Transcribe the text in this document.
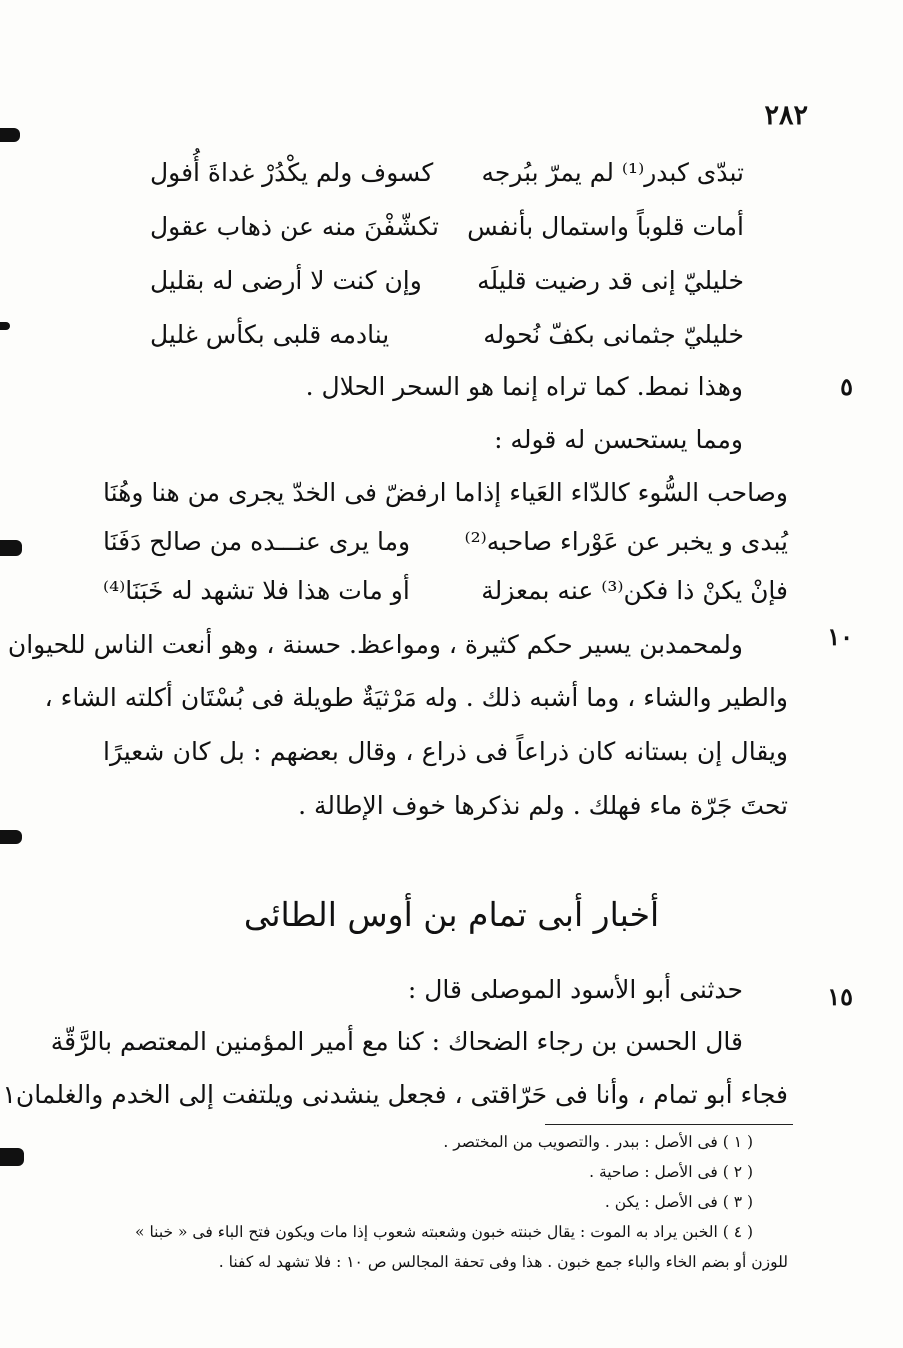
٢٨٢
تبدّى كبدر⁽¹⁾ لم يمرّ ببُرجه
كسوف ولم يكْدُرْ غداةَ أُفول
أمات قلوباً واستمال بأنفس
تكشّفْنَ منه عن ذهاب عقول
خليليّ إنى قد رضيت قليلَه
وإن كنت لا أرضى له بقليل
خليليّ جثمانى بكفّ نُحوله
ينادمه قلبى بكأس غليل
٥
وهذا نمط. كما تراه إنما هو السحر الحلال .
ومما يستحسن له قوله :
وصاحب السُّوء كالدّاء العَياء إذا
ما ارفضّ فى الخدّ يجرى من هنا وهُنَا
يُبدى و يخبر عن عَوْراء صاحبه⁽²⁾
وما يرى عنـــده من صالح دَفَنَا
فإنْ يكنْ ذا فكن⁽³⁾ عنه بمعزلة
أو مات هذا فلا تشهد له خَبَنَا⁽⁴⁾
١٠
ولمحمدبن يسير حكم كثيرة ، ومواعظ. حسنة ، وهو أنعت الناس للحيوان
والطير والشاء ، وما أشبه ذلك . وله مَرْثيَةٌ طويلة فى بُسْتَان أكلته الشاء ،
ويقال إن بستانه كان ذراعاً فى ذراع ، وقال بعضهم : بل كان شعيرًا
تحتَ جَرّة ماء فهلك . ولم نذكرها خوف الإطالة .
أخبار أبى تمام بن أوس الطائى
١٥
حدثنى أبو الأسود الموصلى قال :
قال الحسن بن رجاء الضحاك : كنا مع أمير المؤمنين المعتصم بالرَّقّة
فجاء أبو تمام ، وأنا فى حَرّاقتى ، فجعل ينشدنى ويلتفت إلى الخدم والغلمان١
( ١ ) فى الأصل : ببدر . والتصويب من المختصر .
( ٢ ) فى الأصل : صاحية .
( ٣ ) فى الأصل : يكن .
( ٤ ) الخبن يراد به الموت : يقال خبنته خبون وشعبته شعوب إذا مات ويكون فتح الباء فى « خبنا »
للوزن أو بضم الخاء والباء جمع خبون . هذا وفى تحفة المجالس ص ١٠ : فلا تشهد له كفنا .
